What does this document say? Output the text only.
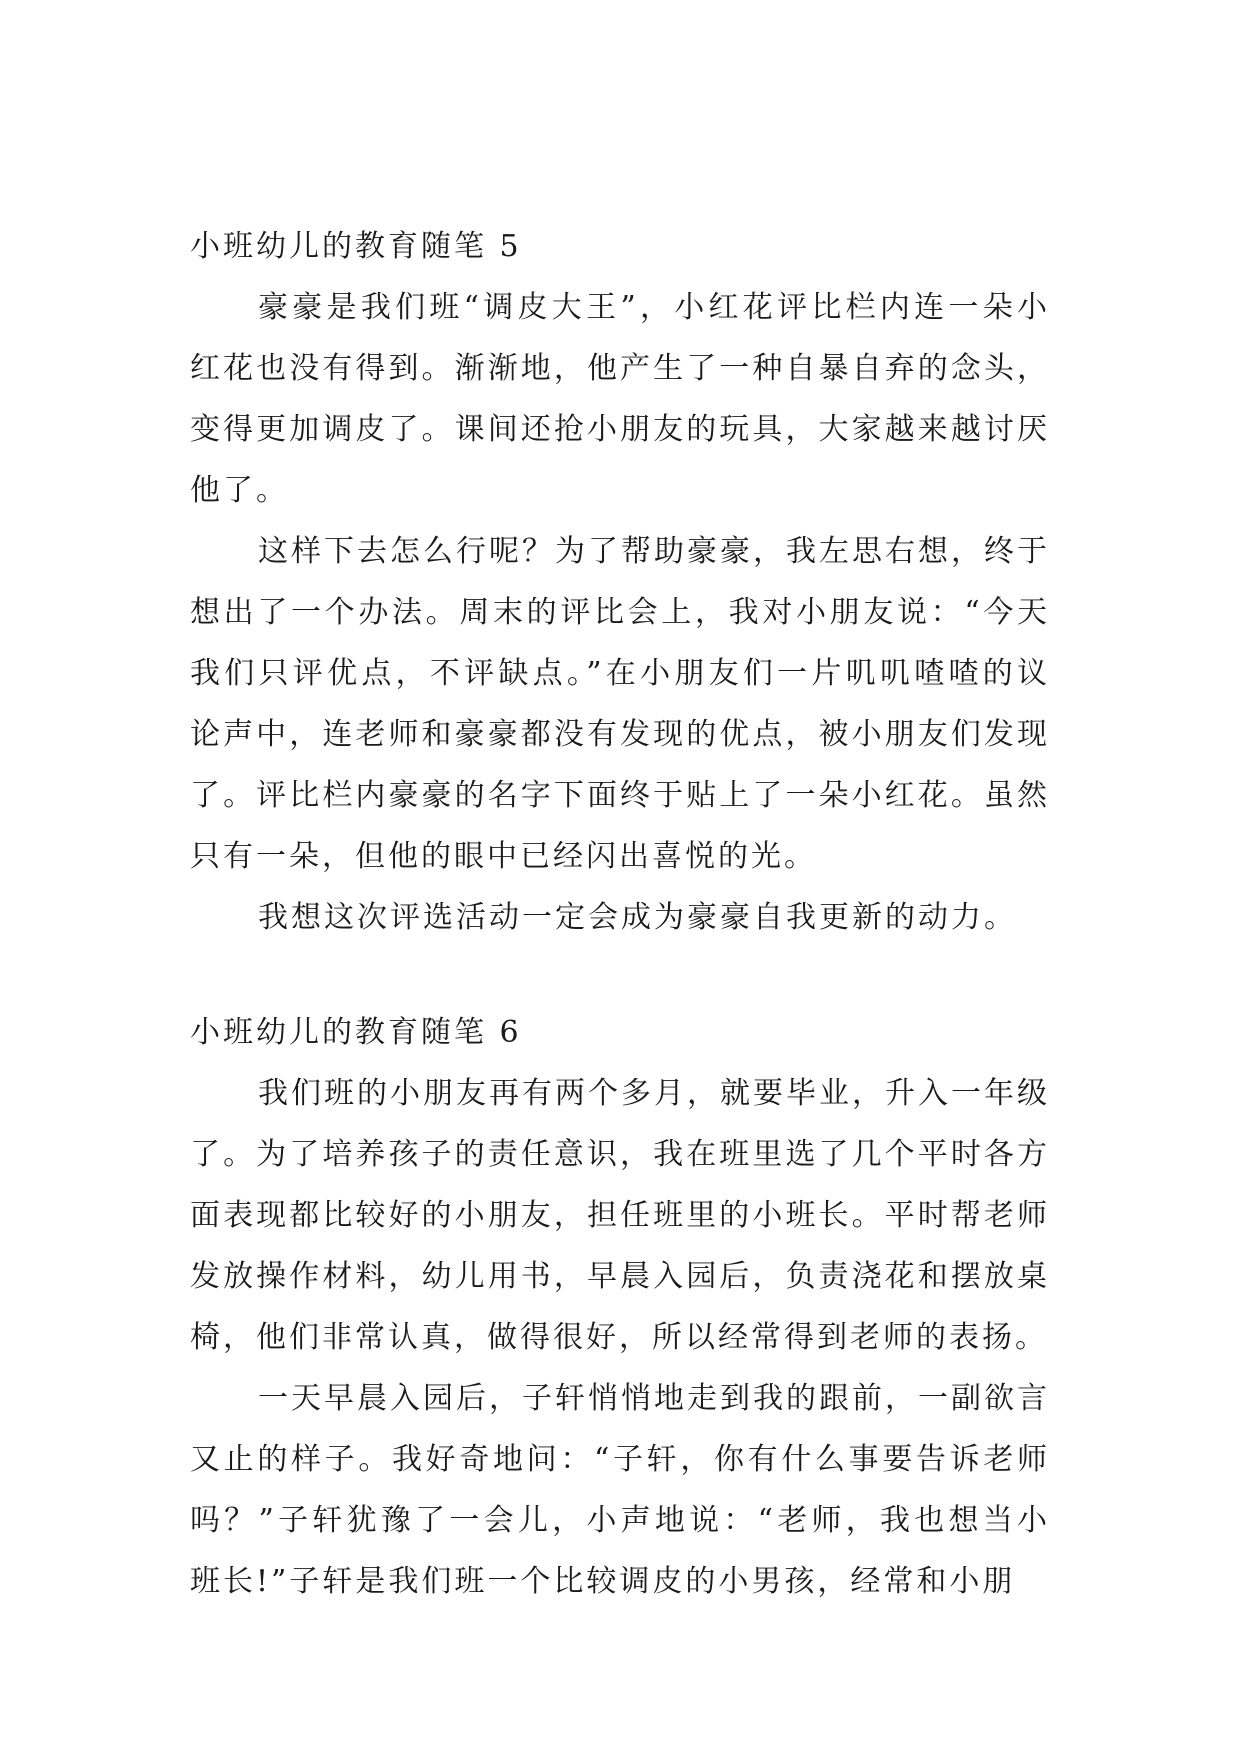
小班幼儿的教育随笔 5

豪豪是我们班“调皮大王”，小红花评比栏内连一朵小红花也没有得到。渐渐地，他产生了一种自暴自弃的念头，变得更加调皮了。课间还抢小朋友的玩具，大家越来越讨厌他了。

这样下去怎么行呢？为了帮助豪豪，我左思右想，终于想出了一个办法。周末的评比会上，我对小朋友说：“今天我们只评优点，不评缺点。”在小朋友们一片叽叽喳喳的议论声中，连老师和豪豪都没有发现的优点，被小朋友们发现了。评比栏内豪豪的名字下面终于贴上了一朵小红花。虽然只有一朵，但他的眼中已经闪出喜悦的光。

我想这次评选活动一定会成为豪豪自我更新的动力。

小班幼儿的教育随笔 6

我们班的小朋友再有两个多月，就要毕业，升入一年级了。为了培养孩子的责任意识，我在班里选了几个平时各方面表现都比较好的小朋友，担任班里的小班长。平时帮老师发放操作材料，幼儿用书，早晨入园后，负责浇花和摆放桌椅，他们非常认真，做得很好，所以经常得到老师的表扬。

一天早晨入园后，子轩悄悄地走到我的跟前，一副欲言又止的样子。我好奇地问：“子轩，你有什么事要告诉老师吗？”子轩犹豫了一会儿，小声地说：“老师，我也想当小班长!”子轩是我们班一个比较调皮的小男孩，经常和小朋
